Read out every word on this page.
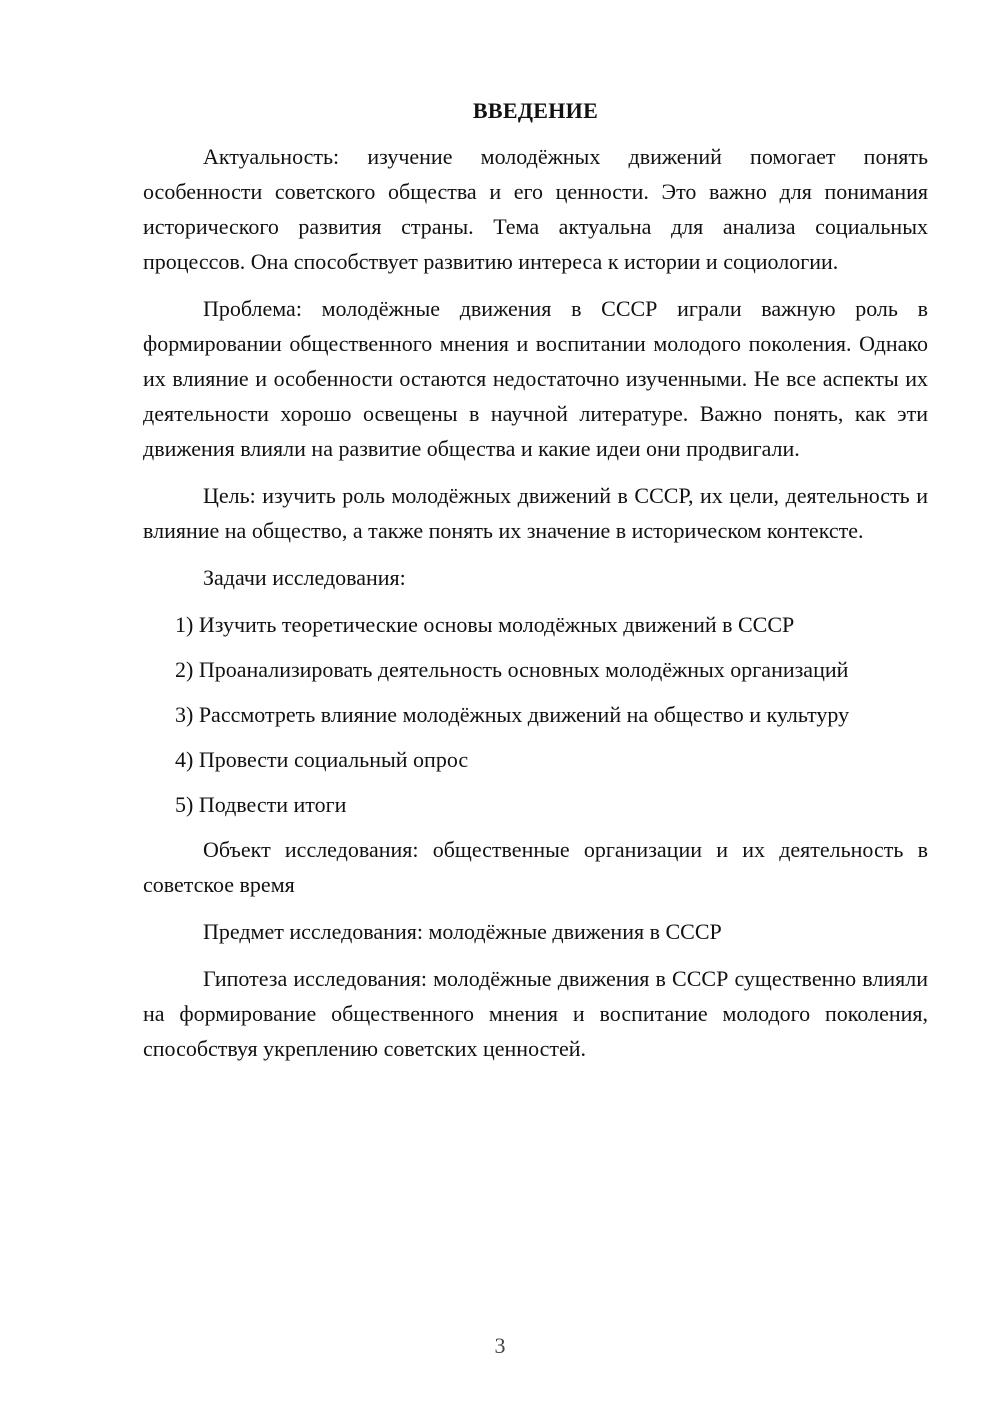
ВВЕДЕНИЕ

Актуальность: изучение молодёжных движений помогает понять особенности советского общества и его ценности. Это важно для понимания исторического развития страны. Тема актуальна для анализа социальных процессов. Она способствует развитию интереса к истории и социологии.

Проблема: молодёжные движения в СССР играли важную роль в формировании общественного мнения и воспитании молодого поколения. Однако их влияние и особенности остаются недостаточно изученными. Не все аспекты их деятельности хорошо освещены в научной литературе. Важно понять, как эти движения влияли на развитие общества и какие идеи они продвигали.

Цель: изучить роль молодёжных движений в СССР, их цели, деятельность и влияние на общество, а также понять их значение в историческом контексте.

Задачи исследования:

1) Изучить теоретические основы молодёжных движений в СССР

2) Проанализировать деятельность основных молодёжных организаций

3) Рассмотреть влияние молодёжных движений на общество и культуру

4) Провести социальный опрос

5) Подвести итоги

Объект исследования: общественные организации и их деятельность в советское время

Предмет исследования: молодёжные движения в СССР

Гипотеза исследования: молодёжные движения в СССР существенно влияли на формирование общественного мнения и воспитание молодого поколения, способствуя укреплению советских ценностей.

3
